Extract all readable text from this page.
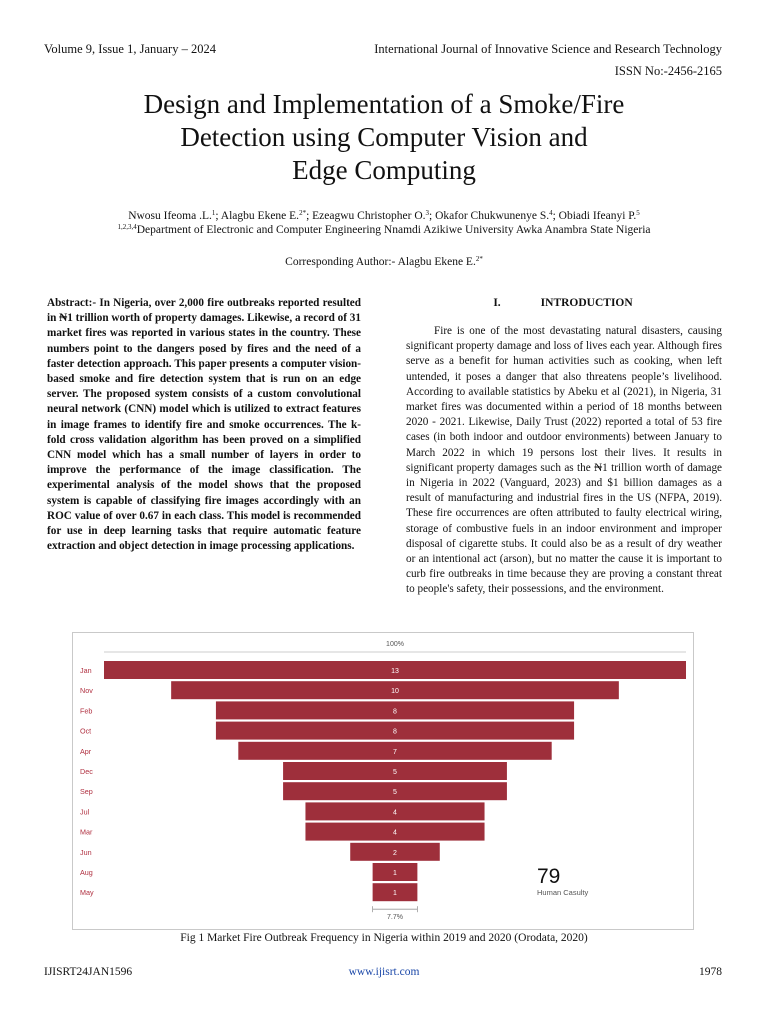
Volume 9, Issue 1, January – 2024	International Journal of Innovative Science and Research Technology
ISSN No:-2456-2165
Design and Implementation of a Smoke/Fire
Detection using Computer Vision and
Edge Computing
Nwosu Ifeoma .L.$^1$; Alagbu Ekene E.$^{2*}$; Ezeagwu Christopher O.$^3$; Okafor Chukwunenye S.$^4$; Obiadi Ifeanyi P.$^5$
$^{1,2,3,4}$Department of Electronic and Computer Engineering Nnamdi Azikiwe University Awka Anambra State Nigeria
Corresponding Author:- Alagbu Ekene E.$^{2*}$
Abstract:- In Nigeria, over 2,000 fire outbreaks reported resulted in ₦1 trillion worth of property damages. Likewise, a record of 31 market fires was reported in various states in the country. These numbers point to the dangers posed by fires and the need of a faster detection approach. This paper presents a computer vision-based smoke and fire detection system that is run on an edge server. The proposed system consists of a custom convolutional neural network (CNN) model which is utilized to extract features in image frames to identify fire and smoke occurrences. The k-fold cross validation algorithm has been proved on a simplified CNN model which has a small number of layers in order to improve the performance of the image classification. The experimental analysis of the model shows that the proposed system is capable of classifying fire images accordingly with an ROC value of over 0.67 in each class. This model is recommended for use in deep learning tasks that require automatic feature extraction and object detection in image processing applications.
I.	INTRODUCTION

Fire is one of the most devastating natural disasters, causing significant property damage and loss of lives each year. Although fires serve as a benefit for human activities such as cooking, when left untended, it poses a danger that also threatens people’s livelihood. According to available statistics by Abeku et al (2021), in Nigeria, 31 market fires was documented within a period of 18 months between 2020 - 2021. Likewise, Daily Trust (2022) reported a total of 53 fire cases (in both indoor and outdoor environments) between January to March 2022 in which 19 persons lost their lives. It results in significant property damages such as the ₦1 trillion worth of damage in Nigeria in 2022 (Vanguard, 2023) and $1 billion damages as a result of manufacturing and industrial fires in the US (NFPA, 2019). These fire occurrences are often attributed to faulty electrical wiring, storage of combustive fuels in an indoor environment and improper disposal of cigarette stubs. It could also be as a result of dry weather or an intentional act (arson), but no matter the cause it is important to curb fire outbreaks in time because they are proving a constant threat to people's safety, their possessions, and the environment.

100%
13
Jan
10
Nov
8
Feb
8
Oct
7
Apr
5
Dec
5
Sep
4
Jul
4
Mar
2
Jun
1
Aug
1
May
7.7%
79
Human Casulty
Fig 1 Market Fire Outbreak Frequency in Nigeria within 2019 and 2020 (Orodata, 2020)
IJISRT24JAN1596	www.ijisrt.com	1978
